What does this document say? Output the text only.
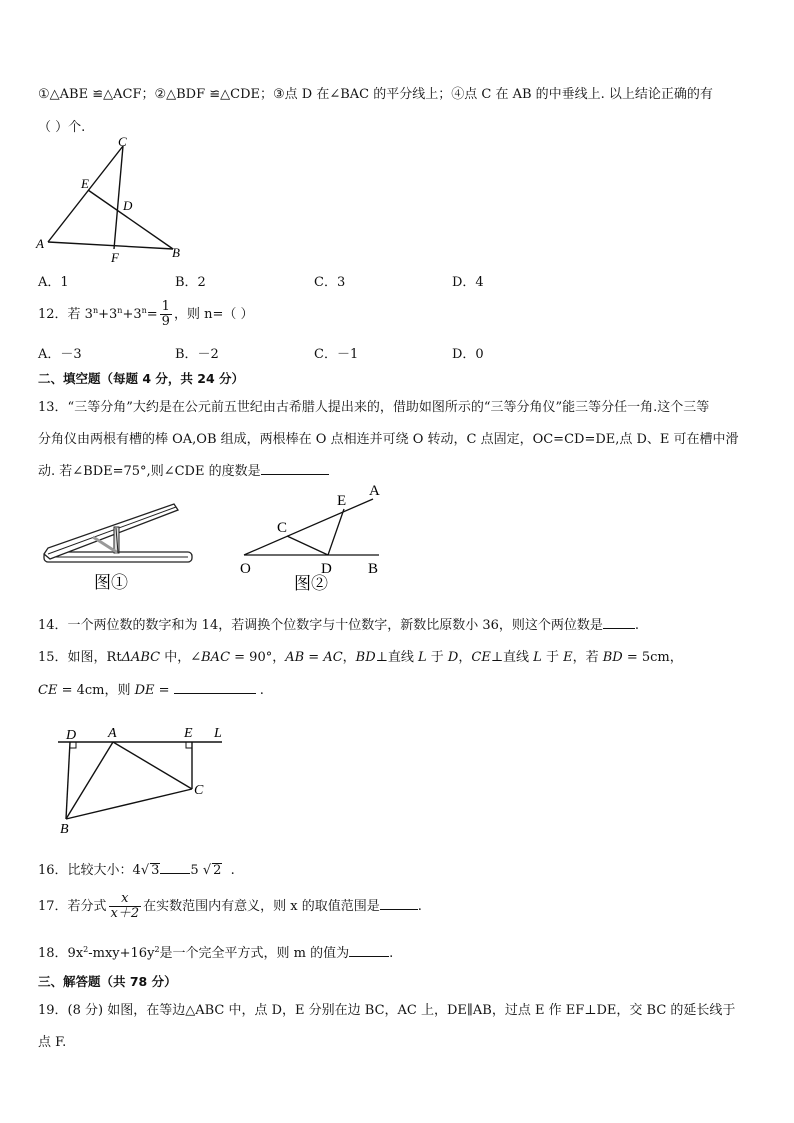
①△ABE ≌△ACF；②△BDF ≌△CDE；③点 D 在∠BAC 的平分线上；④点 C 在 AB 的中垂线上. 以上结论正确的有
（ ）个.
C
E
D
A
F	B
A．1	B．2	C．3	D．4
12．若 $3^n+3^n+3^n= \frac{1}{9}$ ，则 n=（ ）
A．－3	B．－2	C．－1	D．0
二、填空题（每题 4 分，共 24 分）
13．“三等分角”大约是在公元前五世纪由古希腊人提出来的，借助如图所示的“三等分角仪”能三等分任一角.这个三等
分角仪由两根有槽的棒 OA,OB 组成，两根棒在 O 点相连并可绕 O 转动，C 点固定，OC=CD=DE,点 D、E 可在槽中滑
动. 若∠BDE=75°,则∠CDE 的度数是
图①
E
A
C
O	D B
图②
14．一个两位数的数字和为 14，若调换个位数字与十位数字，新数比原数小 36，则这个两位数是 .
15．如图，RtΔABC 中，∠BAC = 90°，AB = AC，BD⊥直线 L 于 D，CE⊥直线 L 于 E，若 BD = 5cm，
CE = 4cm，则 DE =	.
D A	E L
C
B
16．比较大小：4√ 3 5 √ 2 .
17．若分式 $\frac{x}{x+2}$ 在实数范围内有意义，则 x 的取值范围是	.
18．$9x^2-mxy+16y^2$是一个完全平方式，则 m 的值为	.
三、解答题（共 78 分）
19．(8 分) 如图，在等边△ABC 中，点 D，E 分别在边 BC，AC 上，DE∥AB，过点 E 作 EF⊥DE，交 BC 的延长线于
点 F.
